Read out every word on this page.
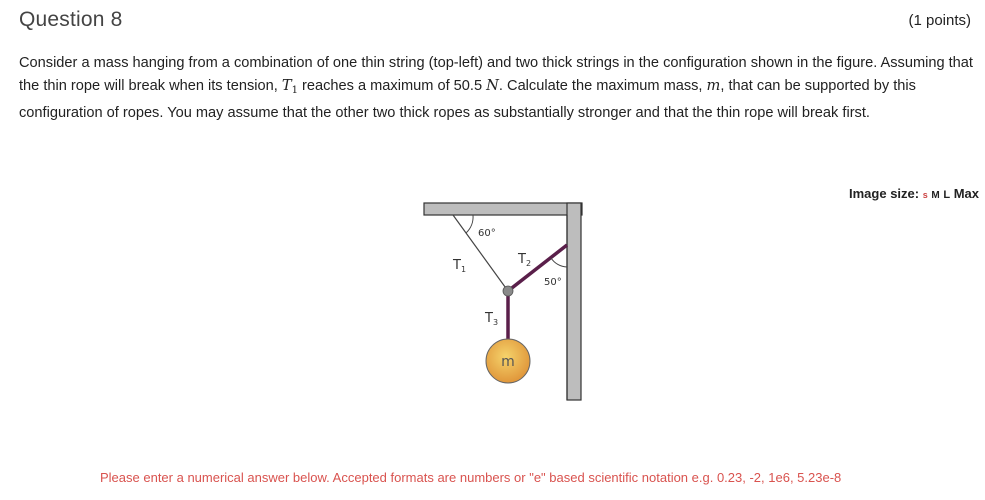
Question 8	(1 points)
Consider a mass hanging from a combination of one thin string (top-left) and two thick strings in the configuration shown in the figure. Assuming that the thin rope will break when its tension, $T_1$ reaches a maximum of 50.5 N. Calculate the maximum mass, m, that can be supported by this configuration of ropes. You may assume that the other two thick ropes as substantially stronger and that the thin rope will break first.
Image size: s M L Max
60°
50°
m
$T_1$
$T_2$
$T_3$
Please enter a numerical answer below. Accepted formats are numbers or "e" based scientific notation e.g. 0.23, -2, 1e6, 5.23e-8
